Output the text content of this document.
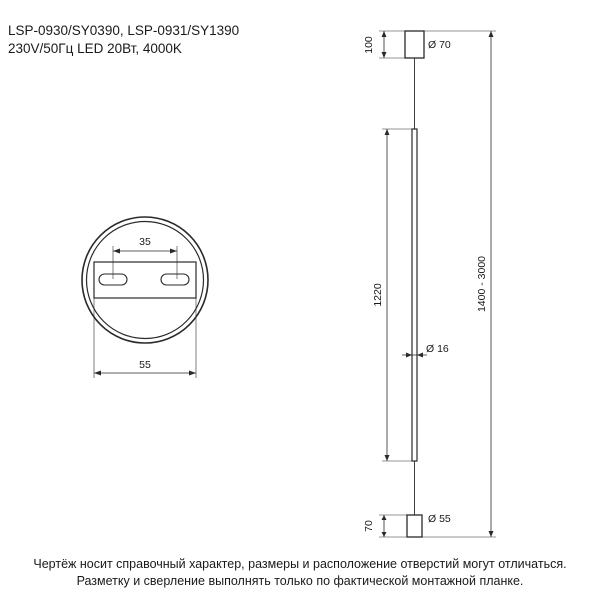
LSP-0930/SY0390, LSP-0931/SY1390
230V/50Гц LED 20Вт, 4000K
35
55
100	Ø 70
1220
Ø 16
1400 - 3000
70
Ø 55
Чертёж носит справочный характер, размеры и расположение отверстий могут отличаться.
Разметку и сверление выполнять только по фактической монтажной планке.
